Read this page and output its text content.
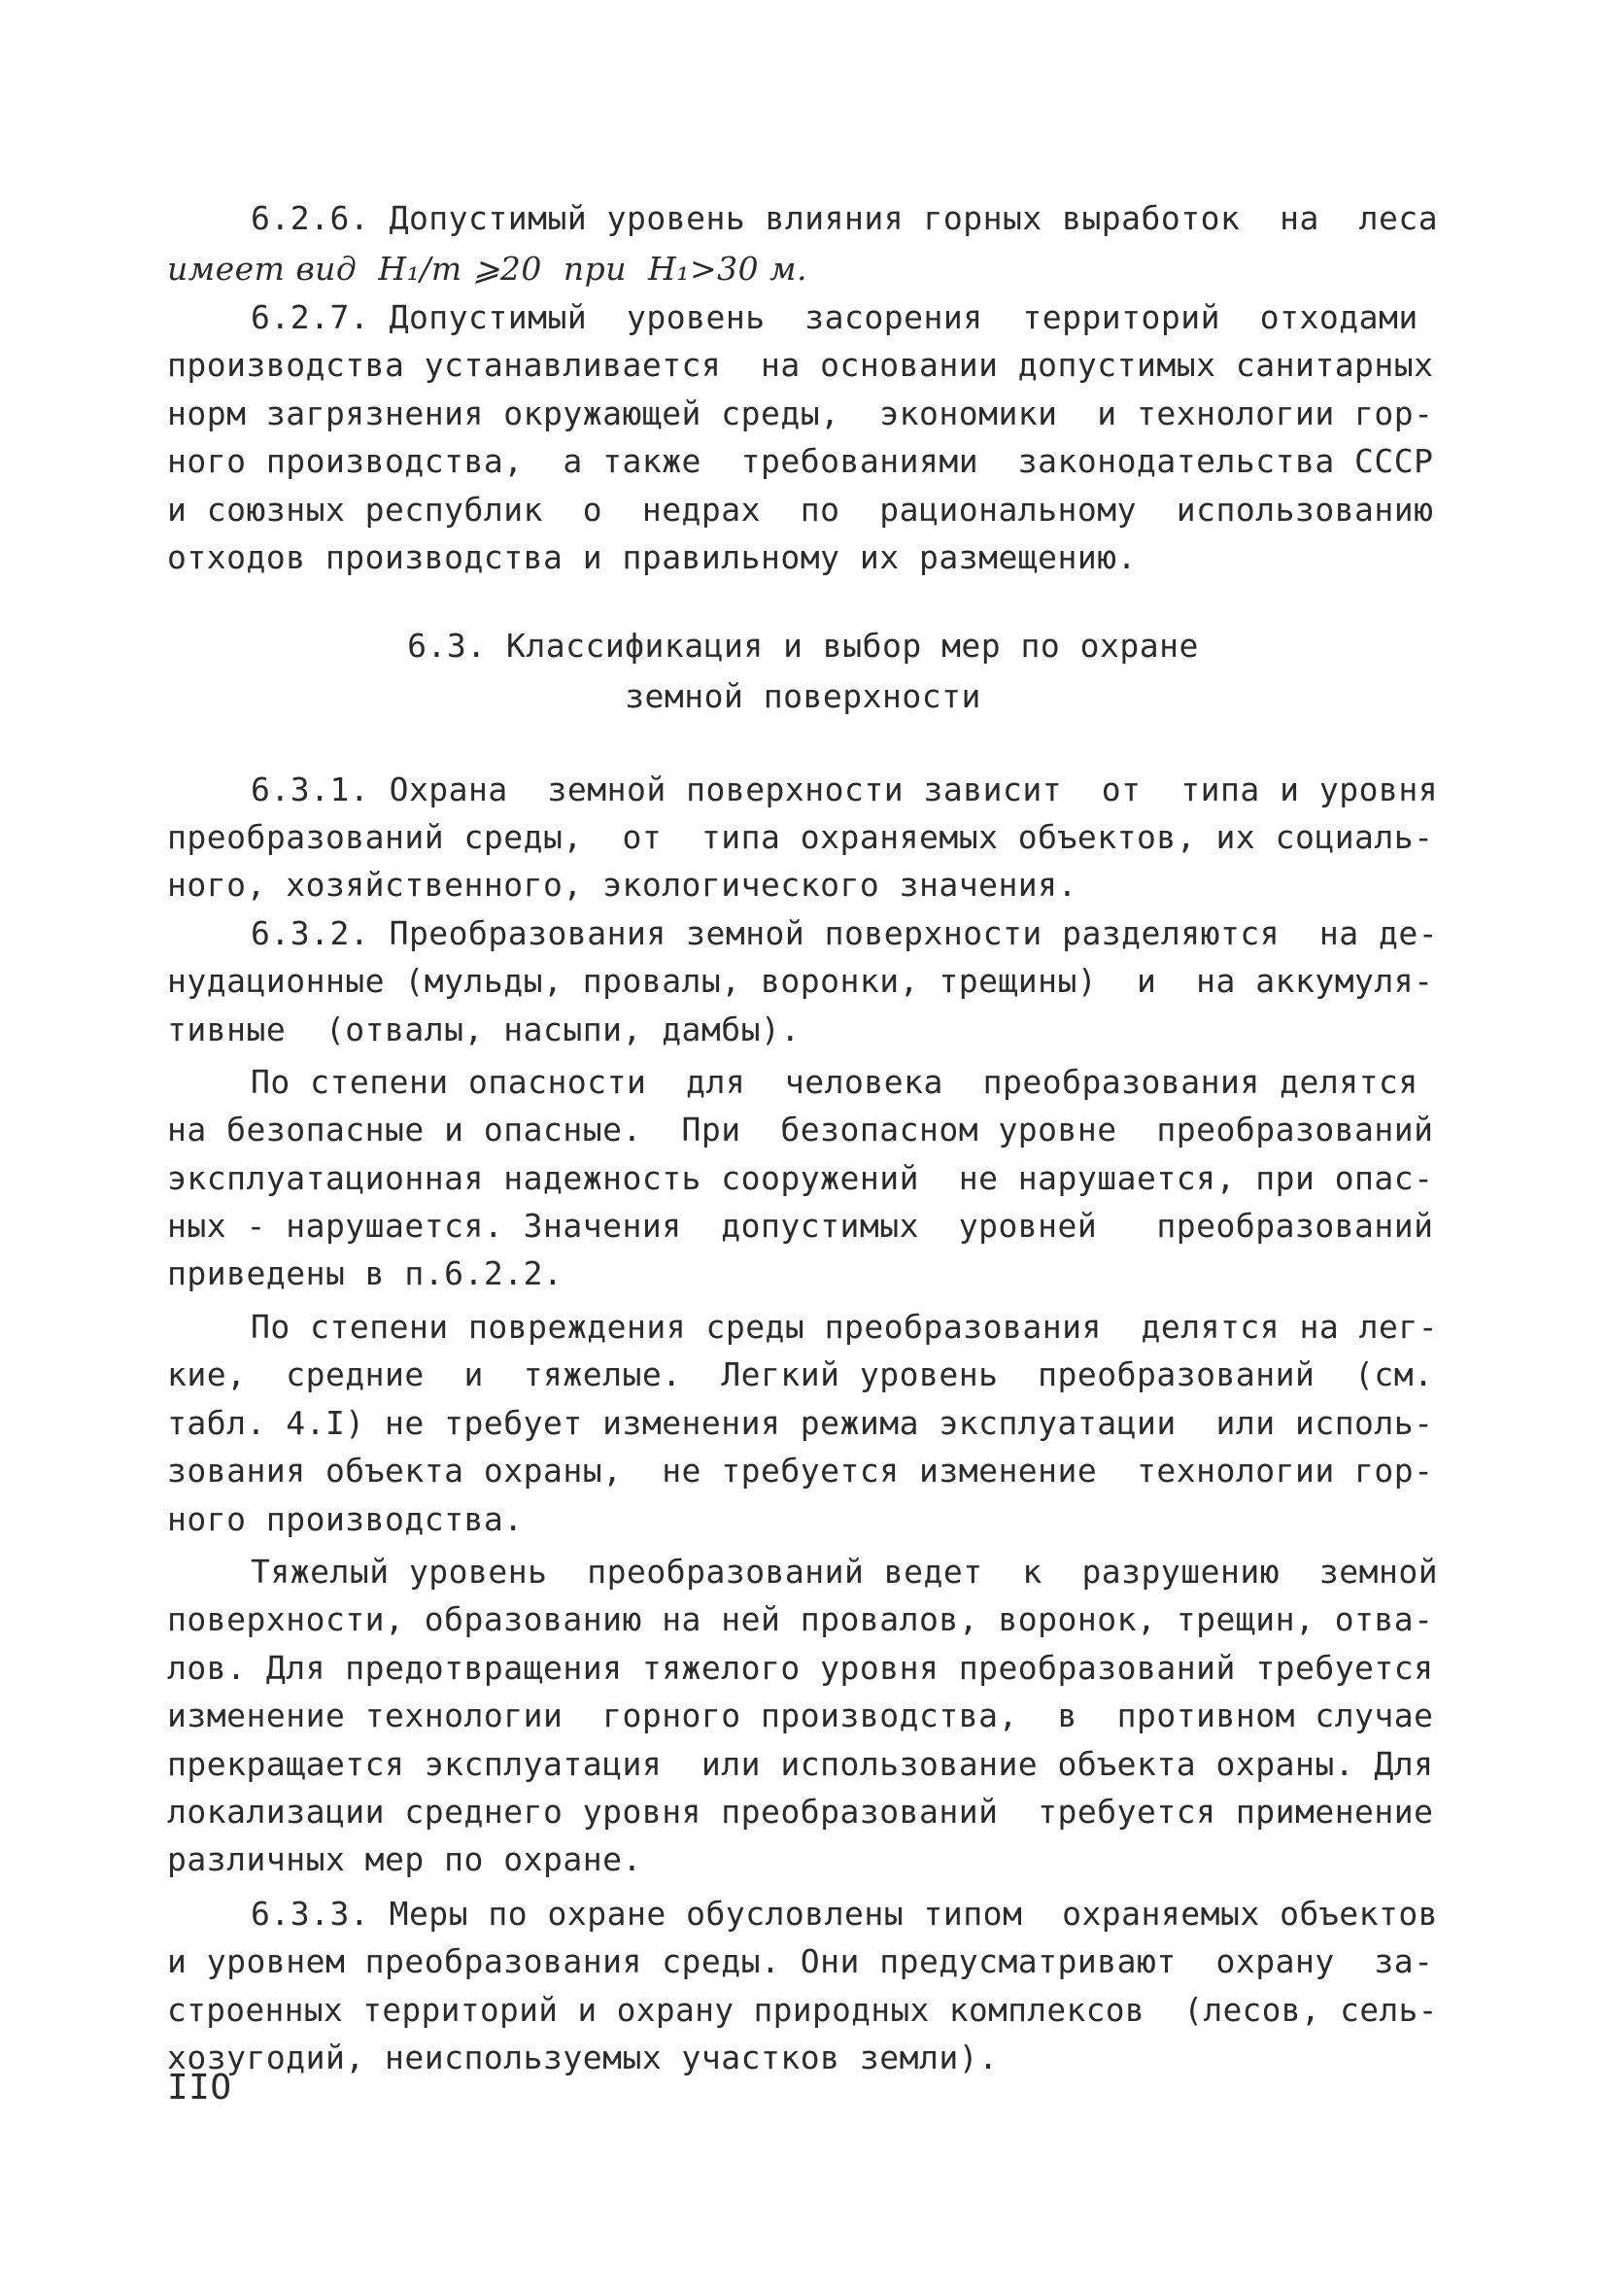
6.2.6. Допустимый уровень влияния горных выработок  на  леса
имеет вид  H₁/m ⩾20  при  H₁>30 м.
6.2.7. Допустимый  уровень  засорения  территорий  отходами
производства устанавливается  на основании допустимых санитарных
норм загрязнения окружающей среды,  экономики  и технологии гор-
ного производства,  а также  требованиями  законодательства СССР
и союзных республик  о  недрах  по  рациональному  использованию
отходов производства и правильному их размещению.
6.3. Классификация и выбор мер по охране
земной поверхности
6.3.1. Охрана  земной поверхности зависит  от  типа и уровня
преобразований среды,  от  типа охраняемых объектов, их социаль-
ного, хозяйственного, экологического значения.
6.3.2. Преобразования земной поверхности разделяются  на де-
нудационные (мульды, провалы, воронки, трещины)  и  на аккумуля-
тивные  (отвалы, насыпи, дамбы).
По степени опасности  для  человека  преобразования делятся
на безопасные и опасные.  При  безопасном уровне  преобразований
эксплуатационная надежность сооружений  не нарушается, при опас-
ных - нарушается. Значения  допустимых  уровней   преобразований
приведены в п.6.2.2.
По степени повреждения среды преобразования  делятся на лег-
кие,  средние  и  тяжелые.  Легкий уровень  преобразований  (см.
табл. 4.I) не требует изменения режима эксплуатации  или исполь-
зования объекта охраны,  не требуется изменение  технологии гор-
ного производства.
Тяжелый уровень  преобразований ведет  к  разрушению  земной
поверхности, образованию на ней провалов, воронок, трещин, отва-
лов. Для предотвращения тяжелого уровня преобразований требуется
изменение технологии  горного производства,  в  противном случае
прекращается эксплуатация  или использование объекта охраны. Для
локализации среднего уровня преобразований  требуется применение
различных мер по охране.
6.3.3. Меры по охране обусловлены типом  охраняемых объектов
и уровнем преобразования среды. Они предусматривают  охрану  за-
строенных территорий и охрану природных комплексов  (лесов, сель-
хозугодий, неиспользуемых участков земли).
IIO
